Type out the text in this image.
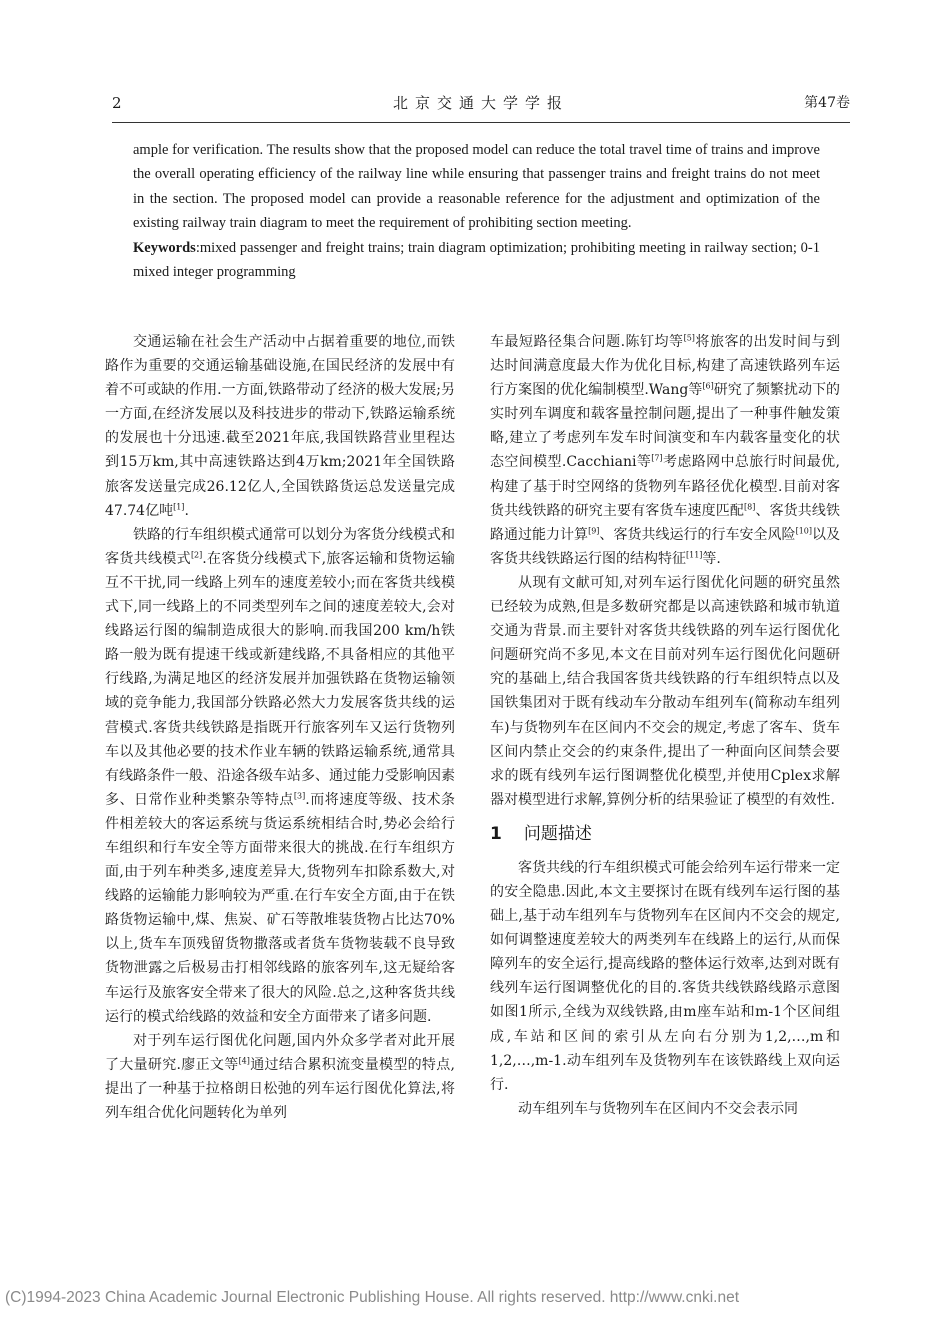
2	北京交通大学学报	第47卷

ample for verification. The results show that the proposed model can reduce the total travel time of trains and improve the overall operating efficiency of the railway line while ensuring that passenger trains and freight trains do not meet in the section. The proposed model can provide a reasonable reference for the adjustment and optimization of the existing railway train diagram to meet the requirement of prohibiting section meeting.

Keywords:mixed passenger and freight trains; train diagram optimization; prohibiting meeting in railway section; 0-1 mixed integer programming

交通运输在社会生产活动中占据着重要的地位,而铁路作为重要的交通运输基础设施,在国民经济的发展中有着不可或缺的作用.一方面,铁路带动了经济的极大发展;另一方面,在经济发展以及科技进步的带动下,铁路运输系统的发展也十分迅速.截至2021年底,我国铁路营业里程达到15万km,其中高速铁路达到4万km;2021年全国铁路旅客发送量完成26.12亿人,全国铁路货运总发送量完成47.74亿吨[1].

铁路的行车组织模式通常可以划分为客货分线模式和客货共线模式[2].在客货分线模式下,旅客运输和货物运输互不干扰,同一线路上列车的速度差较小;而在客货共线模式下,同一线路上的不同类型列车之间的速度差较大,会对线路运行图的编制造成很大的影响.而我国200 km/h铁路一般为既有提速干线或新建线路,不具备相应的其他平行线路,为满足地区的经济发展并加强铁路在货物运输领域的竞争能力,我国部分铁路必然大力发展客货共线的运营模式.客货共线铁路是指既开行旅客列车又运行货物列车以及其他必要的技术作业车辆的铁路运输系统,通常具有线路条件一般、沿途各级车站多、通过能力受影响因素多、日常作业种类繁杂等特点[3].而将速度等级、技术条件相差较大的客运系统与货运系统相结合时,势必会给行车组织和行车安全等方面带来很大的挑战.在行车组织方面,由于列车种类多,速度差异大,货物列车扣除系数大,对线路的运输能力影响较为严重.在行车安全方面,由于在铁路货物运输中,煤、焦炭、矿石等散堆装货物占比达70%以上,货车车顶残留货物撒落或者货车货物装载不良导致货物泄露之后极易击打相邻线路的旅客列车,这无疑给客车运行及旅客安全带来了很大的风险.总之,这种客货共线运行的模式给线路的效益和安全方面带来了诸多问题.

对于列车运行图优化问题,国内外众多学者对此开展了大量研究.廖正文等[4]通过结合累积流变量模型的特点,提出了一种基于拉格朗日松弛的列车运行图优化算法,将列车组合优化问题转化为单列

车最短路径集合问题.陈钉均等[5]将旅客的出发时间与到达时间满意度最大作为优化目标,构建了高速铁路列车运行方案图的优化编制模型.Wang等[6]研究了频繁扰动下的实时列车调度和载客量控制问题,提出了一种事件触发策略,建立了考虑列车发车时间演变和车内载客量变化的状态空间模型.Cacchiani等[7]考虑路网中总旅行时间最优,构建了基于时空网络的货物列车路径优化模型.目前对客货共线铁路的研究主要有客货车速度匹配[8]、客货共线铁路通过能力计算[9]、客货共线运行的行车安全风险[10]以及客货共线铁路运行图的结构特征[11]等.

从现有文献可知,对列车运行图优化问题的研究虽然已经较为成熟,但是多数研究都是以高速铁路和城市轨道交通为背景.而主要针对客货共线铁路的列车运行图优化问题研究尚不多见,本文在目前对列车运行图优化问题研究的基础上,结合我国客货共线铁路的行车组织特点以及国铁集团对于既有线动车分散动车组列车(简称动车组列车)与货物列车在区间内不交会的规定,考虑了客车、货车区间内禁止交会的约束条件,提出了一种面向区间禁会要求的既有线列车运行图调整优化模型,并使用Cplex求解器对模型进行求解,算例分析的结果验证了模型的有效性.

1 问题描述

客货共线的行车组织模式可能会给列车运行带来一定的安全隐患.因此,本文主要探讨在既有线列车运行图的基础上,基于动车组列车与货物列车在区间内不交会的规定,如何调整速度差较大的两类列车在线路上的运行,从而保障列车的安全运行,提高线路的整体运行效率,达到对既有线列车运行图调整优化的目的.客货共线铁路线路示意图如图1所示,全线为双线铁路,由m座车站和m-1个区间组成,车站和区间的索引从左向右分别为1,2,…,m和1,2,…,m-1.动车组列车及货物列车在该铁路线上双向运行.

动车组列车与货物列车在区间内不交会表示同

(C)1994-2023 China Academic Journal Electronic Publishing House. All rights reserved. http://www.cnki.net
